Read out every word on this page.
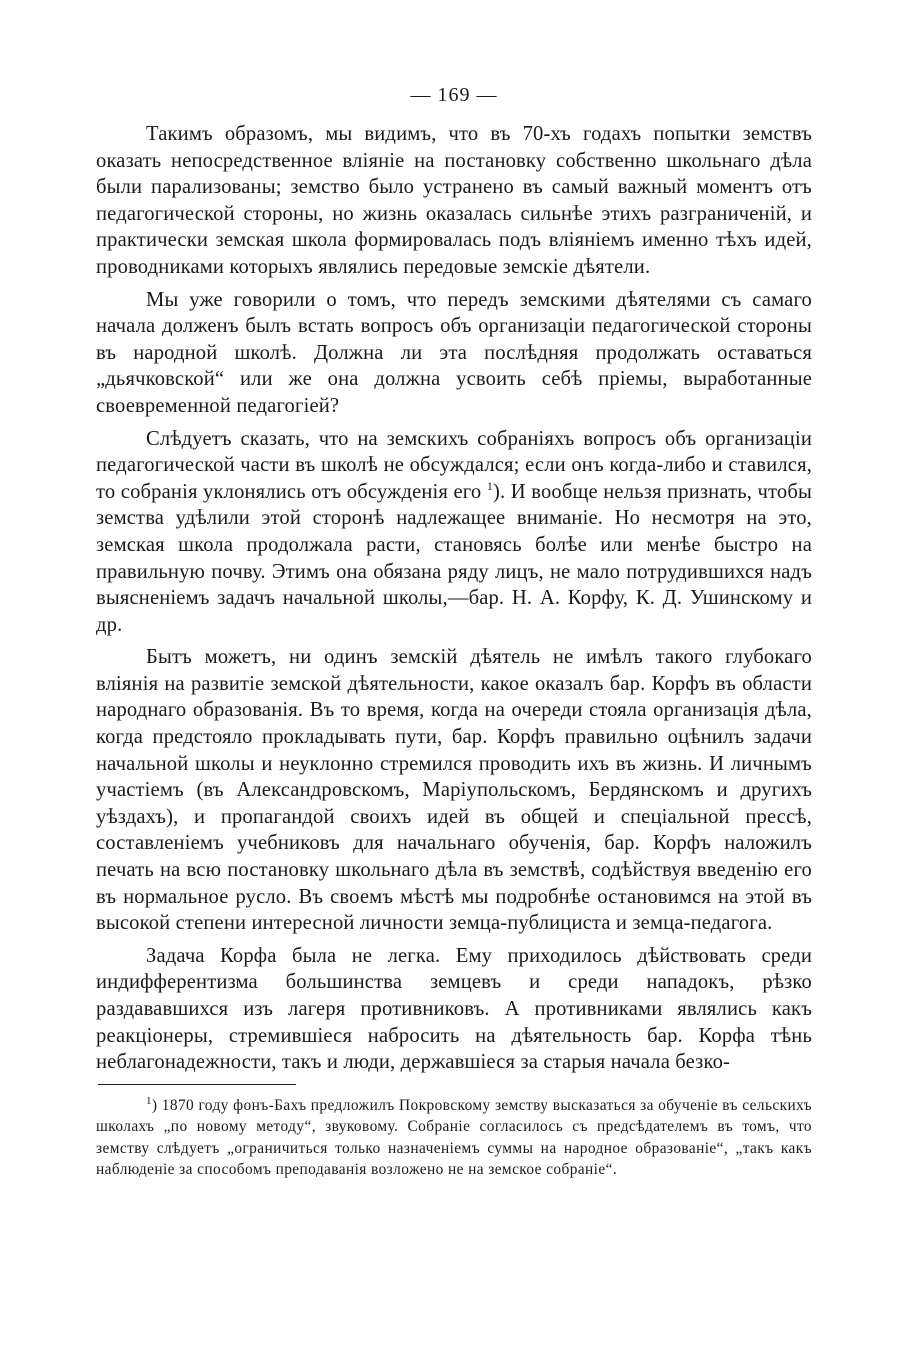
— 169 —

Такимъ образомъ, мы видимъ, что въ 70-хъ годахъ попытки земствъ оказать непосредственное вліяніе на постановку собственно школьнаго дѣла были парализованы; земство было устранено въ самый важный моментъ отъ педагогической стороны, но жизнь оказалась сильнѣе этихъ разграниченій, и практически земская школа формировалась подъ вліяніемъ именно тѣхъ идей, проводниками которыхъ являлись передовые земскіе дѣятели.

Мы уже говорили о томъ, что передъ земскими дѣятелями съ самаго начала долженъ былъ встать вопросъ объ организаціи педагогической стороны въ народной школѣ. Должна ли эта послѣдняя продолжать оставаться „дьячковской“ или же она должна усвоить себѣ пріемы, выработанные своевременной педагогіей?

Слѣдуетъ сказать, что на земскихъ собраніяхъ вопросъ объ организаціи педагогической части въ школѣ не обсуждался; если онъ когда-либо и ставился, то собранія уклонялись отъ обсужденія его $^1$). И вообще нельзя признать, чтобы земства удѣлили этой сторонѣ надлежащее вниманіе. Но несмотря на это, земская школа продолжала расти, становясь болѣе или менѣе быстро на правильную почву. Этимъ она обязана ряду лицъ, не мало потрудившихся надъ выясненіемъ задачъ начальной школы,—бар. Н. А. Корфу, К. Д. Ушинскому и др.

Бытъ можетъ, ни одинъ земскій дѣятель не имѣлъ такого глубокаго вліянія на развитіе земской дѣятельности, какое оказалъ бар. Корфъ въ области народнаго образованія. Въ то время, когда на очереди стояла организація дѣла, когда предстояло прокладывать пути, бар. Корфъ правильно оцѣнилъ задачи начальной школы и неуклонно стремился проводить ихъ въ жизнь. И личнымъ участіемъ (въ Александровскомъ, Маріупольскомъ, Бердянскомъ и другихъ уѣздахъ), и пропагандой своихъ идей въ общей и спеціальной прессѣ, составленіемъ учебниковъ для начальнаго обученія, бар. Корфъ наложилъ печать на всю постановку школьнаго дѣла въ земствѣ, содѣйствуя введенію его въ нормальное русло. Въ своемъ мѣстѣ мы подробнѣе остановимся на этой въ высокой степени интересной личности земца-публициста и земца-педагога.

Задача Корфа была не легка. Ему приходилось дѣйствовать среди индифферентизма большинства земцевъ и среди нападокъ, рѣзко раздававшихся изъ лагеря противниковъ. А противниками являлись какъ реакціонеры, стремившіеся набросить на дѣятельность бар. Корфа тѣнь неблагонадежности, такъ и люди, державшіеся за старыя начала безко-

$^1$) 1870 году фонъ-Бахъ предложилъ Покровскому земству высказаться за обученіе въ сельскихъ школахъ „по новому методу“, звуковому. Собраніе согласилось съ предсѣдателемъ въ томъ, что земству слѣдуетъ „ограничиться только назначеніемъ суммы на народное образованіе“, „такъ какъ наблюденіе за способомъ преподаванія возложено не на земское собраніе“.
